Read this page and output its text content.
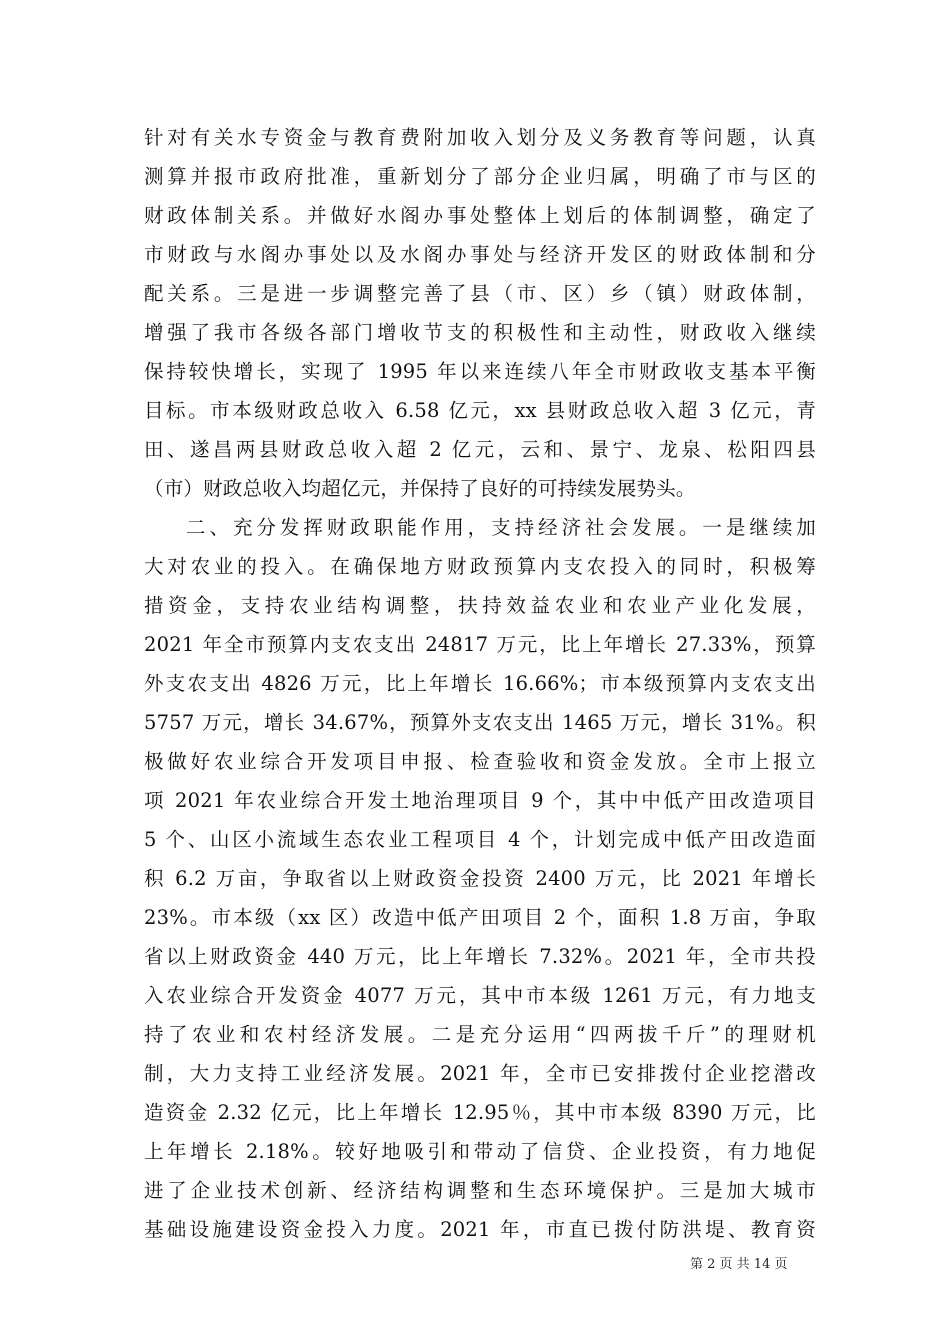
针对有关水专资金与教育费附加收入划分及义务教育等问题，认真
测算并报市政府批准，重新划分了部分企业归属，明确了市与区的
财政体制关系。并做好水阁办事处整体上划后的体制调整，确定了
市财政与水阁办事处以及水阁办事处与经济开发区的财政体制和分
配关系。三是进一步调整完善了县（市、区）乡（镇）财政体制，
增强了我市各级各部门增收节支的积极性和主动性，财政收入继续
保持较快增长，实现了 1995 年以来连续八年全市财政收支基本平衡
目标。市本级财政总收入 6.58 亿元，xx 县财政总收入超 3 亿元，青
田、遂昌两县财政总收入超 2 亿元，云和、景宁、龙泉、松阳四县
（市）财政总收入均超亿元，并保持了良好的可持续发展势头。
二、充分发挥财政职能作用，支持经济社会发展。一是继续加
大对农业的投入。在确保地方财政预算内支农投入的同时，积极筹
措资金，支持农业结构调整，扶持效益农业和农业产业化发展，
2021 年全市预算内支农支出 24817 万元，比上年增长 27.33%，预算
外支农支出 4826 万元，比上年增长 16.66%；市本级预算内支农支出
5757 万元，增长 34.67%，预算外支农支出 1465 万元，增长 31%。积
极做好农业综合开发项目申报、检查验收和资金发放。全市上报立
项 2021 年农业综合开发土地治理项目 9 个，其中中低产田改造项目
5 个、山区小流域生态农业工程项目 4 个，计划完成中低产田改造面
积 6.2 万亩，争取省以上财政资金投资 2400 万元，比 2021 年增长
23%。市本级（xx 区）改造中低产田项目 2 个，面积 1.8 万亩，争取
省以上财政资金 440 万元，比上年增长 7.32%。2021 年，全市共投
入农业综合开发资金 4077 万元，其中市本级 1261 万元，有力地支
持了农业和农村经济发展。二是充分运用“四两拔千斤”的理财机
制，大力支持工业经济发展。2021 年，全市已安排拨付企业挖潜改
造资金 2.32 亿元，比上年增长 12.95％，其中市本级 8390 万元，比
上年增长 2.18%。较好地吸引和带动了信贷、企业投资，有力地促
进了企业技术创新、经济结构调整和生态环境保护。三是加大城市
基础设施建设资金投入力度。2021 年，市直已拨付防洪堤、教育资
第 2 页 共 14 页
